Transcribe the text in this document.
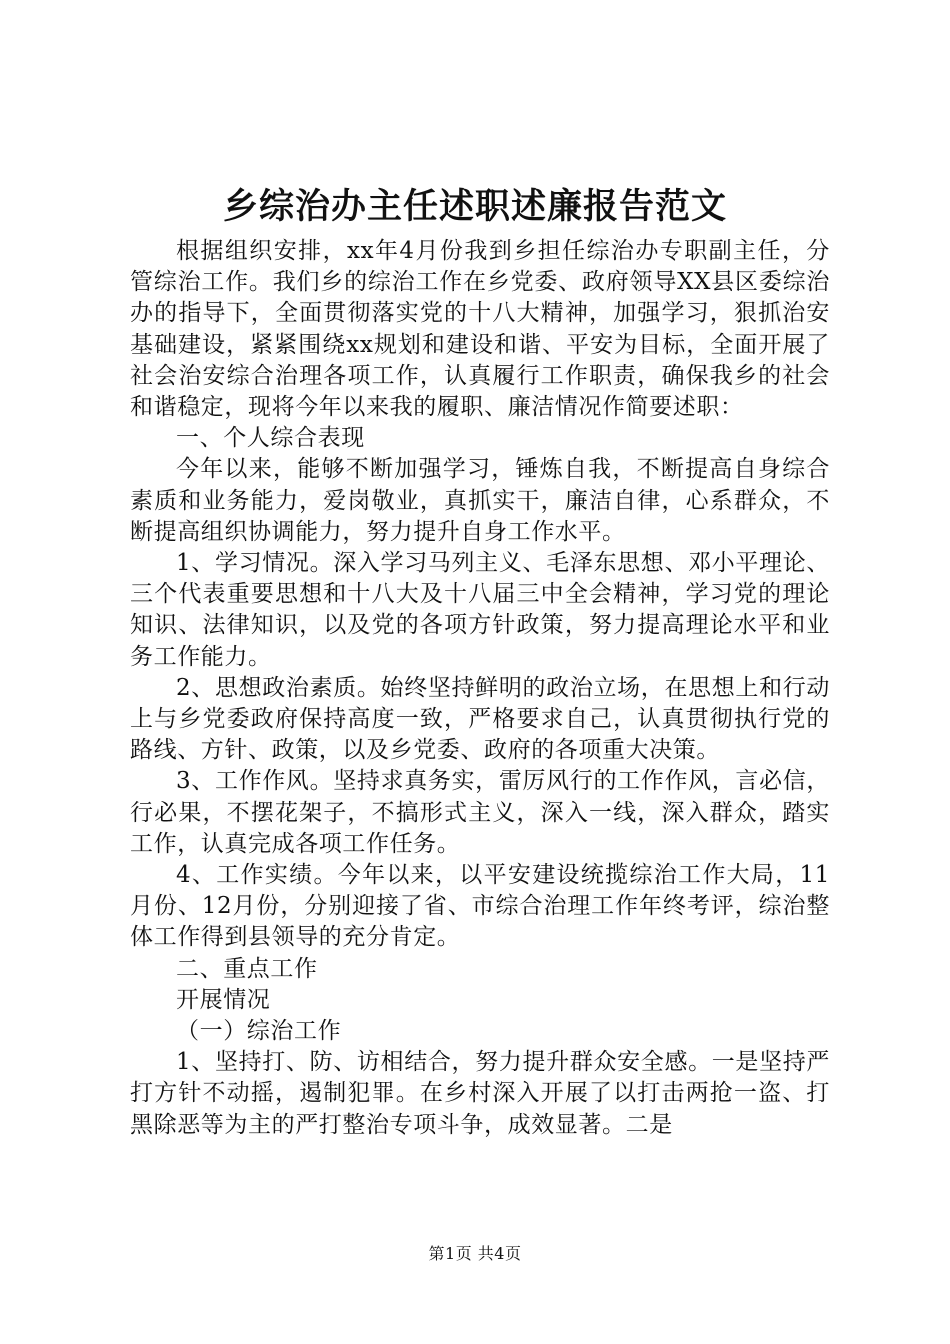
乡综治办主任述职述廉报告范文

根据组织安排，xx年4月份我到乡担任综治办专职副主任，分管综治工作。我们乡的综治工作在乡党委、政府领导XX县区委综治办的指导下，全面贯彻落实党的十八大精神，加强学习，狠抓治安基础建设，紧紧围绕xx规划和建设和谐、平安为目标，全面开展了社会治安综合治理各项工作，认真履行工作职责，确保我乡的社会和谐稳定，现将今年以来我的履职、廉洁情况作简要述职：

一、个人综合表现

今年以来，能够不断加强学习，锤炼自我，不断提高自身综合素质和业务能力，爱岗敬业，真抓实干，廉洁自律，心系群众，不断提高组织协调能力，努力提升自身工作水平。

1、学习情况。深入学习马列主义、毛泽东思想、邓小平理论、三个代表重要思想和十八大及十八届三中全会精神，学习党的理论知识、法律知识，以及党的各项方针政策，努力提高理论水平和业务工作能力。

2、思想政治素质。始终坚持鲜明的政治立场，在思想上和行动上与乡党委政府保持高度一致，严格要求自己，认真贯彻执行党的路线、方针、政策，以及乡党委、政府的各项重大决策。

3、工作作风。坚持求真务实，雷厉风行的工作作风，言必信，行必果，不摆花架子，不搞形式主义，深入一线，深入群众，踏实工作，认真完成各项工作任务。

4、工作实绩。今年以来，以平安建设统揽综治工作大局，11月份、12月份，分别迎接了省、市综合治理工作年终考评，综治整体工作得到县领导的充分肯定。

二、重点工作

开展情况

（一）综治工作

1、坚持打、防、访相结合，努力提升群众安全感。一是坚持严打方针不动摇，遏制犯罪。在乡村深入开展了以打击两抢一盗、打黑除恶等为主的严打整治专项斗争，成效显著。二是

第1页 共4页
